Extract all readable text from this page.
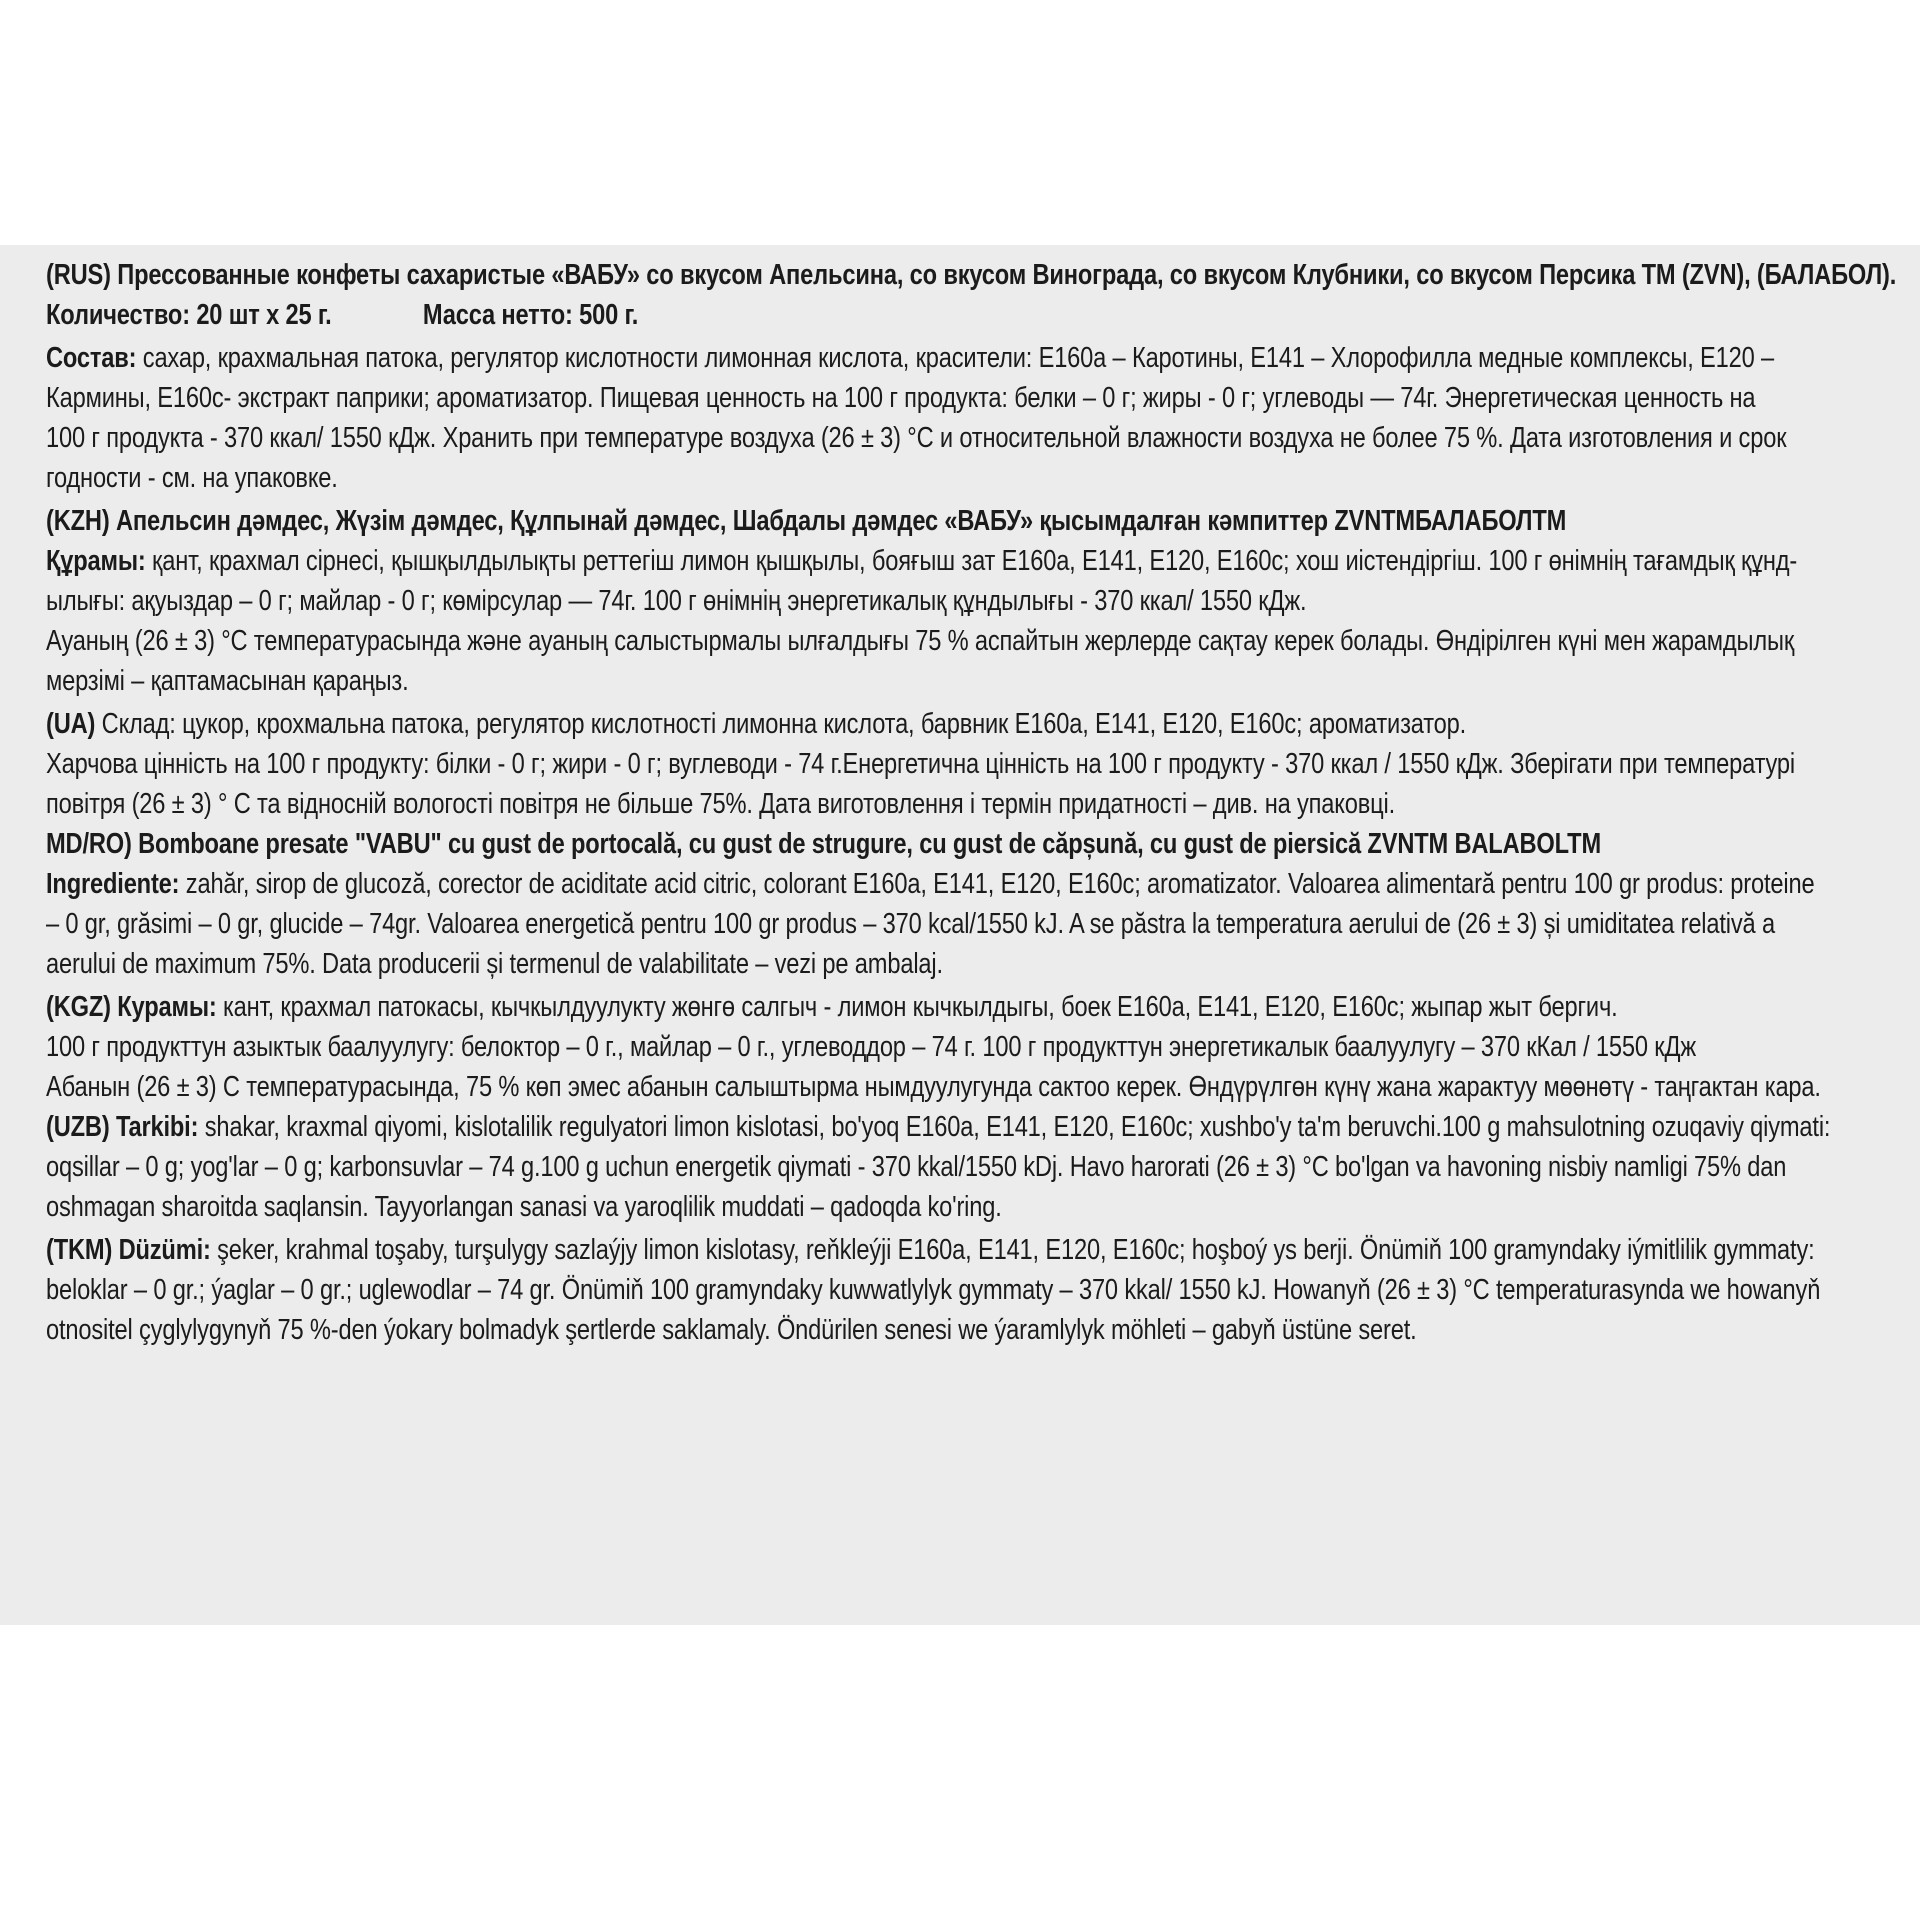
(RUS) Прессованные конфеты сахаристые «ВАБУ» со вкусом Апельсина, со вкусом Винограда, со вкусом Клубники, со вкусом Персика ТМ (ZVN), (БАЛАБОЛ).
Количество: 20 шт х 25 г.	Масса нетто: 500 г.
Состав: сахар, крахмальная патока, регулятор кислотности лимонная кислота, красители: Е160а – Каротины, Е141 – Хлорофилла медные комплексы, Е120 –
Кармины, Е160с- экстракт паприки; ароматизатор. Пищевая ценность на 100 г продукта: белки – 0 г; жиры - 0 г; углеводы — 74г. Энергетическая ценность на
100 г продукта - 370 ккал/ 1550 кДж. Хранить при температуре воздуха (26 ± 3) °С и относительной влажности воздуха не более 75 %. Дата изготовления и срок
годности - см. на упаковке.
(KZH) Апельсин дәмдес, Жүзім дәмдес, Құлпынай дәмдес, Шабдалы дәмдес «ВАБУ» қысымдалған кәмпиттер ZVNTMБАЛАБОЛТМ
Құрамы: қант, крахмал сірнесі, қышқылдылықты реттегіш лимон қышқылы, бояғыш зат Е160а, Е141, Е120, Е160с; хош иістендіргіш. 100 г өнімнің тағамдық құнд-
ылығы: ақуыздар – 0 г; майлар - 0 г; көмірсулар — 74г. 100 г өнімнің энергетикалық құндылығы - 370 ккал/ 1550 кДж.
Ауаның (26 ± 3) °С температурасында және ауаның салыстырмалы ылғалдығы 75 % аспайтын жерлерде сақтау керек болады. Өндірілген күні мен жарамдылық
мерзімі – қаптамасынан қараңыз.
(UA) Склад: цукор, крохмальна патока, регулятор кислотності лимонна кислота, барвник Е160а, Е141, Е120, Е160с; ароматизатор.
Харчова цінність на 100 г продукту: білки - 0 г; жири - 0 г; вуглеводи - 74 г.Енергетична цінність на 100 г продукту - 370 ккал / 1550 кДж. Зберігати при температурі
повітря (26 ± 3) ° С та відносній вологості повітря не більше 75%. Дата виготовлення і термін придатності – див. на упаковці.
MD/RO) Bomboane presate "VABU" cu gust de portocală, cu gust de strugure, cu gust de căpșună, cu gust de piersică ZVNTM BALABOLTM
Ingrediente: zahăr, sirop de glucoză, corector de aciditate acid citric, colorant E160a, E141, E120, E160c; aromatizator. Valoarea alimentară pentru 100 gr produs: proteine
– 0 gr, grăsimi – 0 gr, glucide – 74gr. Valoarea energetică pentru 100 gr produs – 370 kcal/1550 kJ. A se păstra la temperatura aerului de (26 ± 3) și umiditatea relativă a
aerului de maximum 75%. Data producerii și termenul de valabilitate – vezi pe ambalaj.
(KGZ) Курамы: кант, крахмал патокасы, кычкылдуулукту жөнгө салгыч - лимон кычкылдыгы, боек Е160а, Е141, Е120, Е160с; жыпар жыт бергич.
100 г продукттун азыктык баалуулугу: белоктор – 0 г., майлар – 0 г., углеводдор – 74 г. 100 г продукттун энергетикалык баалуулугу – 370 кКал / 1550 кДж
Абанын (26 ± 3) С температурасында, 75 % көп эмес абанын салыштырма нымдуулугунда сактоо керек. Өндүрүлгөн күнү жана жарактуу мөөнөтү - таңгактан кара.
(UZB) Tarkibi: shakar, kraxmal qiyomi, kislotalilik regulyatori limon kislotasi, bo'yoq E160a, E141, E120, E160c; xushbo'y ta'm beruvchi.100 g mahsulotning ozuqaviy qiymati:
oqsillar – 0 g; yog'lar – 0 g; karbonsuvlar – 74 g.100 g uchun energetik qiymati - 370 kkal/1550 kDj. Havo harorati (26 ± 3) °C bo'lgan va havoning nisbiy namligi 75% dan
oshmagan sharoitda saqlansin. Tayyorlangan sanasi va yaroqlilik muddati – qadoqda ko'ring.
(TKM) Düzümi: şeker, krahmal toşaby, turşulygy sazlaýjy limon kislotasy, reňkleýji E160a, E141, E120, E160c; hoşboý ys berji. Önümiň 100 gramyndaky iýmitlilik gymmaty:
beloklar – 0 gr.; ýaglar – 0 gr.; uglewodlar – 74 gr. Önümiň 100 gramyndaky kuwwatlylyk gymmaty – 370 kkal/ 1550 kJ. Howanyň (26 ± 3) °C temperaturasynda we howanyň
otnositel çyglylygynyň 75 %-den ýokary bolmadyk şertlerde saklamaly. Öndürilen senesi we ýaramlylyk möhleti – gabyň üstüne seret.
